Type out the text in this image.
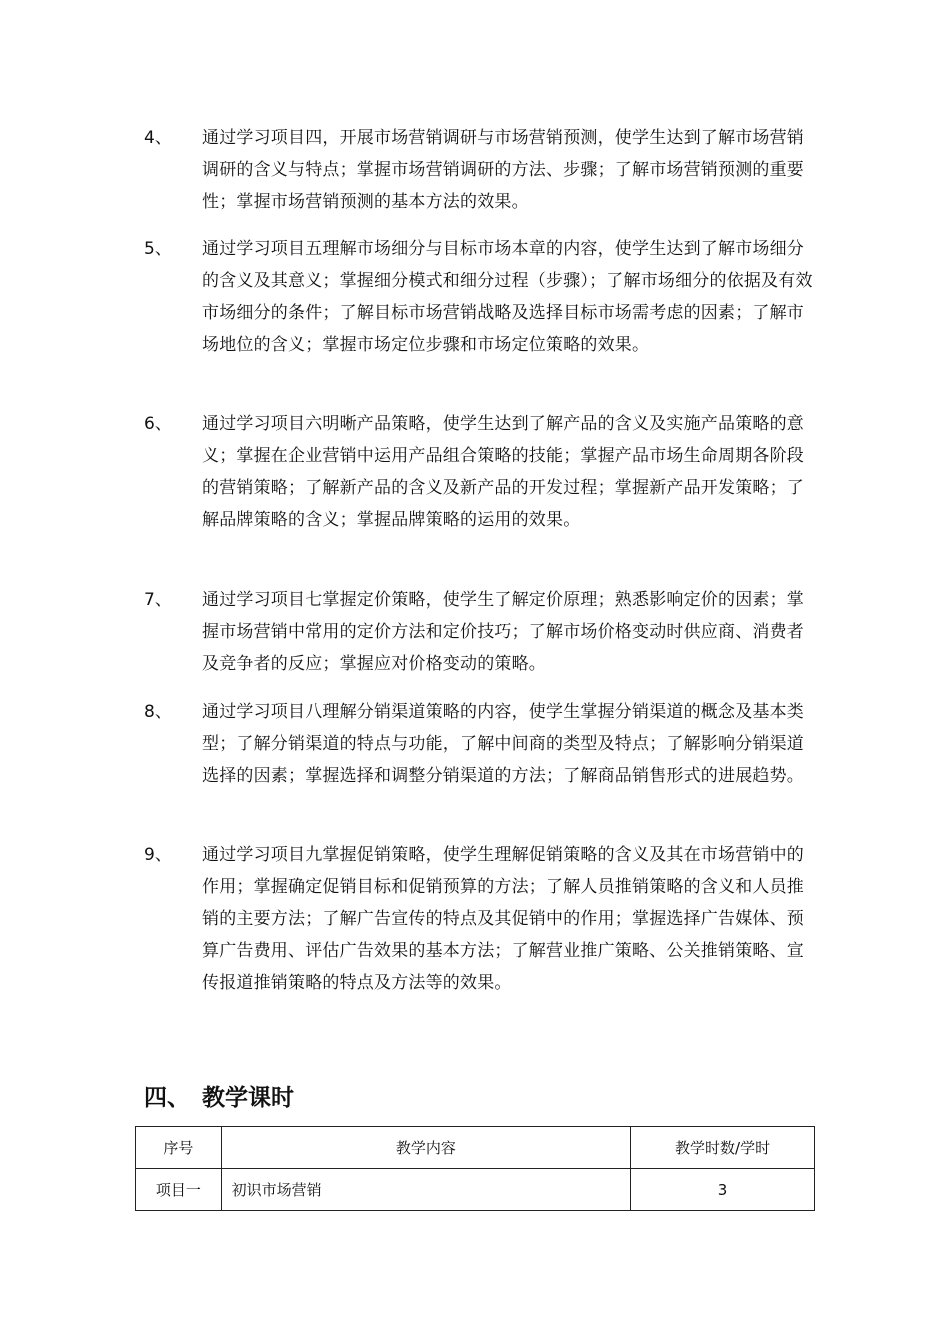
4、 通过学习项目四，开展市场营销调研与市场营销预测，使学生达到了解市场营销调研的含义与特点；掌握市场营销调研的方法、步骤；了解市场营销预测的重要性；掌握市场营销预测的基本方法的效果。
5、 通过学习项目五理解市场细分与目标市场本章的内容，使学生达到了解市场细分的含义及其意义；掌握细分模式和细分过程（步骤）；了解市场细分的依据及有效市场细分的条件；了解目标市场营销战略及选择目标市场需考虑的因素；了解市场地位的含义；掌握市场定位步骤和市场定位策略的效果。
6、 通过学习项目六明晰产品策略，使学生达到了解产品的含义及实施产品策略的意义；掌握在企业营销中运用产品组合策略的技能；掌握产品市场生命周期各阶段的营销策略；了解新产品的含义及新产品的开发过程；掌握新产品开发策略；了解品牌策略的含义；掌握品牌策略的运用的效果。
7、 通过学习项目七掌握定价策略，使学生了解定价原理；熟悉影响定价的因素；掌握市场营销中常用的定价方法和定价技巧；了解市场价格变动时供应商、消费者及竞争者的反应；掌握应对价格变动的策略。
8、 通过学习项目八理解分销渠道策略的内容，使学生掌握分销渠道的概念及基本类型；了解分销渠道的特点与功能，了解中间商的类型及特点；了解影响分销渠道选择的因素；掌握选择和调整分销渠道的方法；了解商品销售形式的进展趋势。
9、 通过学习项目九掌握促销策略，使学生理解促销策略的含义及其在市场营销中的作用；掌握确定促销目标和促销预算的方法；了解人员推销策略的含义和人员推销的主要方法；了解广告宣传的特点及其促销中的作用；掌握选择广告媒体、预算广告费用、评估广告效果的基本方法；了解营业推广策略、公关推销策略、宣传报道推销策略的特点及方法等的效果。
四、 教学课时
序号	教学内容	教学时数/学时
项目一	初识市场营销	3
